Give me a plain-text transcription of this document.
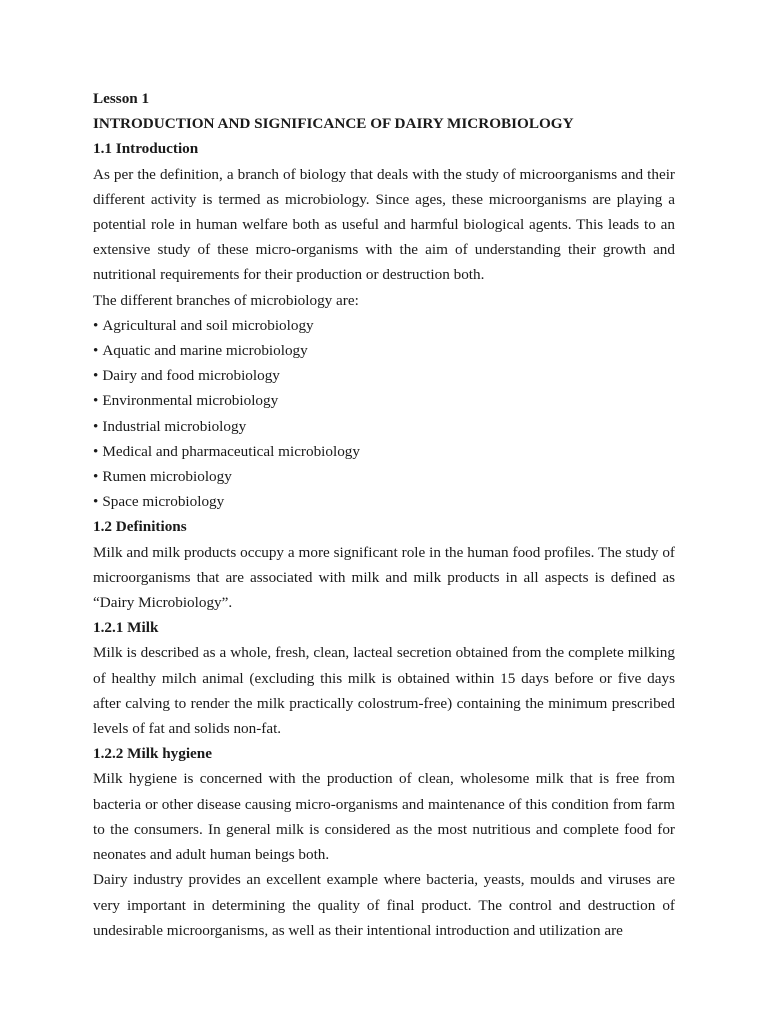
Lesson 1
INTRODUCTION AND SIGNIFICANCE OF DAIRY MICROBIOLOGY
1.1 Introduction

As per the definition, a branch of biology that deals with the study of microorganisms and their different activity is termed as microbiology. Since ages, these microorganisms are playing a potential role in human welfare both as useful and harmful biological agents. This leads to an extensive study of these micro-organisms with the aim of understanding their growth and nutritional requirements for their production or destruction both.

The different branches of microbiology are:

• Agricultural and soil microbiology
• Aquatic and marine microbiology
• Dairy and food microbiology
• Environmental microbiology
• Industrial microbiology
• Medical and pharmaceutical microbiology
• Rumen microbiology
• Space microbiology
1.2 Definitions

Milk and milk products occupy a more significant role in the human food profiles. The study of microorganisms that are associated with milk and milk products in all aspects is defined as “Dairy Microbiology”.

1.2.1 Milk

Milk is described as a whole, fresh, clean, lacteal secretion obtained from the complete milking of healthy milch animal (excluding this milk is obtained within 15 days before or five days after calving to render the milk practically colostrum-free) containing the minimum prescribed levels of fat and solids non-fat.

1.2.2 Milk hygiene

Milk hygiene is concerned with the production of clean, wholesome milk that is free from bacteria or other disease causing micro-organisms and maintenance of this condition from farm to the consumers. In general milk is considered as the most nutritious and complete food for neonates and adult human beings both.

Dairy industry provides an excellent example where bacteria, yeasts, moulds and viruses are very important in determining the quality of final product. The control and destruction of undesirable microorganisms, as well as their intentional introduction and utilization are
